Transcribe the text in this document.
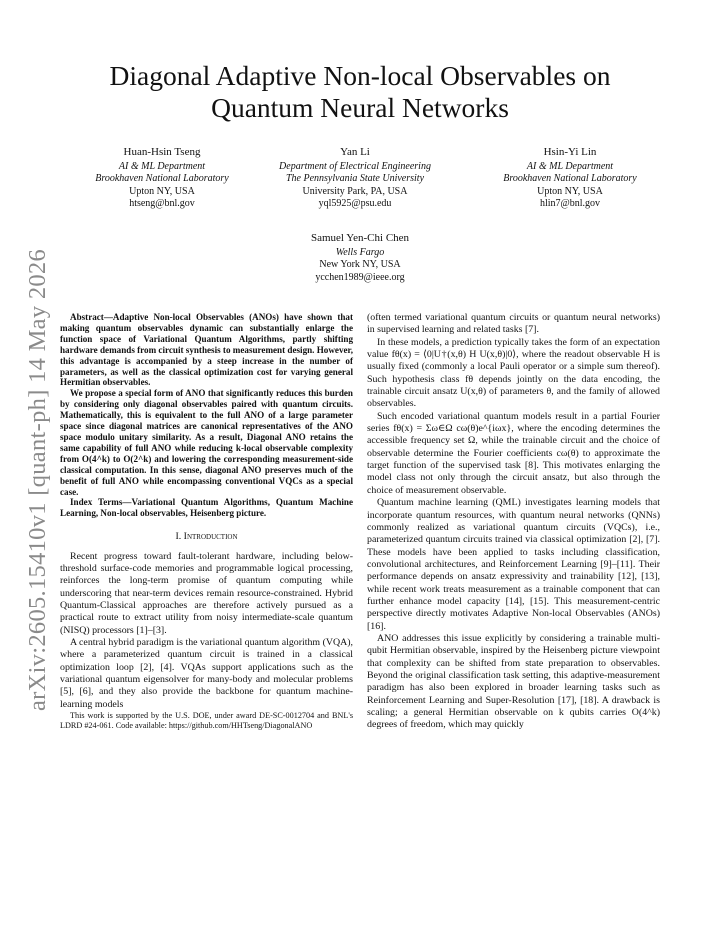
arXiv:2605.15410v1 [quant-ph] 14 May 2026
Diagonal Adaptive Non-local Observables on
Quantum Neural Networks
Huan-Hsin Tseng
AI & ML Department
Brookhaven National Laboratory
Upton NY, USA
htseng@bnl.gov
Yan Li
Department of Electrical Engineering
The Pennsylvania State University
University Park, PA, USA
yql5925@psu.edu
Hsin-Yi Lin
AI & ML Department
Brookhaven National Laboratory
Upton NY, USA
hlin7@bnl.gov
Samuel Yen-Chi Chen
Wells Fargo
New York NY, USA
ycchen1989@ieee.org

Abstract—Adaptive Non-local Observables (ANOs) have shown that making quantum observables dynamic can substantially enlarge the function space of Variational Quantum Algorithms, partly shifting hardware demands from circuit synthesis to measurement design. However, this advantage is accompanied by a steep increase in the number of parameters, as well as the classical optimization cost for varying general Hermitian observables.

We propose a special form of ANO that significantly reduces this burden by considering only diagonal observables paired with quantum circuits. Mathematically, this is equivalent to the full ANO of a large parameter space since diagonal matrices are canonical representatives of the ANO space modulo unitary similarity. As a result, Diagonal ANO retains the same capability of full ANO while reducing k-local observable complexity from O(4^k) to O(2^k) and lowering the corresponding measurement-side classical computation. In this sense, diagonal ANO preserves much of the benefit of full ANO while encompassing conventional VQCs as a special case.

Index Terms—Variational Quantum Algorithms, Quantum Machine Learning, Non-local observables, Heisenberg picture.

I. Introduction

Recent progress toward fault-tolerant hardware, including below-threshold surface-code memories and programmable logical processing, reinforces the long-term promise of quantum computing while underscoring that near-term devices remain resource-constrained. Hybrid Quantum-Classical approaches are therefore actively pursued as a practical route to extract utility from noisy intermediate-scale quantum (NISQ) processors [1]–[3].

A central hybrid paradigm is the variational quantum algorithm (VQA), where a parameterized quantum circuit is trained in a classical optimization loop [2], [4]. VQAs support applications such as the variational quantum eigensolver for many-body and molecular problems [5], [6], and they also provide the backbone for quantum machine-learning models

This work is supported by the U.S. DOE, under award DE-SC-0012704 and BNL's LDRD #24-061. Code available: https://github.com/HHTseng/DiagonalANO

(often termed variational quantum circuits or quantum neural networks) in supervised learning and related tasks [7].

In these models, a prediction typically takes the form of an expectation value fθ(x) = ⟨0|U†(x,θ) H U(x,θ)|0⟩, where the readout observable H is usually fixed (commonly a local Pauli operator or a simple sum thereof). Such hypothesis class fθ depends jointly on the data encoding, the trainable circuit ansatz U(x,θ) of parameters θ, and the family of allowed observables.

Such encoded variational quantum models result in a partial Fourier series fθ(x) = Σω∈Ω cω(θ)e^{iωx}, where the encoding determines the accessible frequency set Ω, while the trainable circuit and the choice of observable determine the Fourier coefficients cω(θ) to approximate the target function of the supervised task [8]. This motivates enlarging the model class not only through the circuit ansatz, but also through the choice of measurement observable.

Quantum machine learning (QML) investigates learning models that incorporate quantum resources, with quantum neural networks (QNNs) commonly realized as variational quantum circuits (VQCs), i.e., parameterized quantum circuits trained via classical optimization [2], [7]. These models have been applied to tasks including classification, convolutional architectures, and Reinforcement Learning [9]–[11]. Their performance depends on ansatz expressivity and trainability [12], [13], while recent work treats measurement as a trainable component that can further enhance model capacity [14], [15]. This measurement-centric perspective directly motivates Adaptive Non-local Observables (ANOs) [16].

ANO addresses this issue explicitly by considering a trainable multi-qubit Hermitian observable, inspired by the Heisenberg picture viewpoint that complexity can be shifted from state preparation to observables. Beyond the original classification task setting, this adaptive-measurement paradigm has also been explored in broader learning tasks such as Reinforcement Learning and Super-Resolution [17], [18]. A drawback is scaling; a general Hermitian observable on k qubits carries O(4^k) degrees of freedom, which may quickly
